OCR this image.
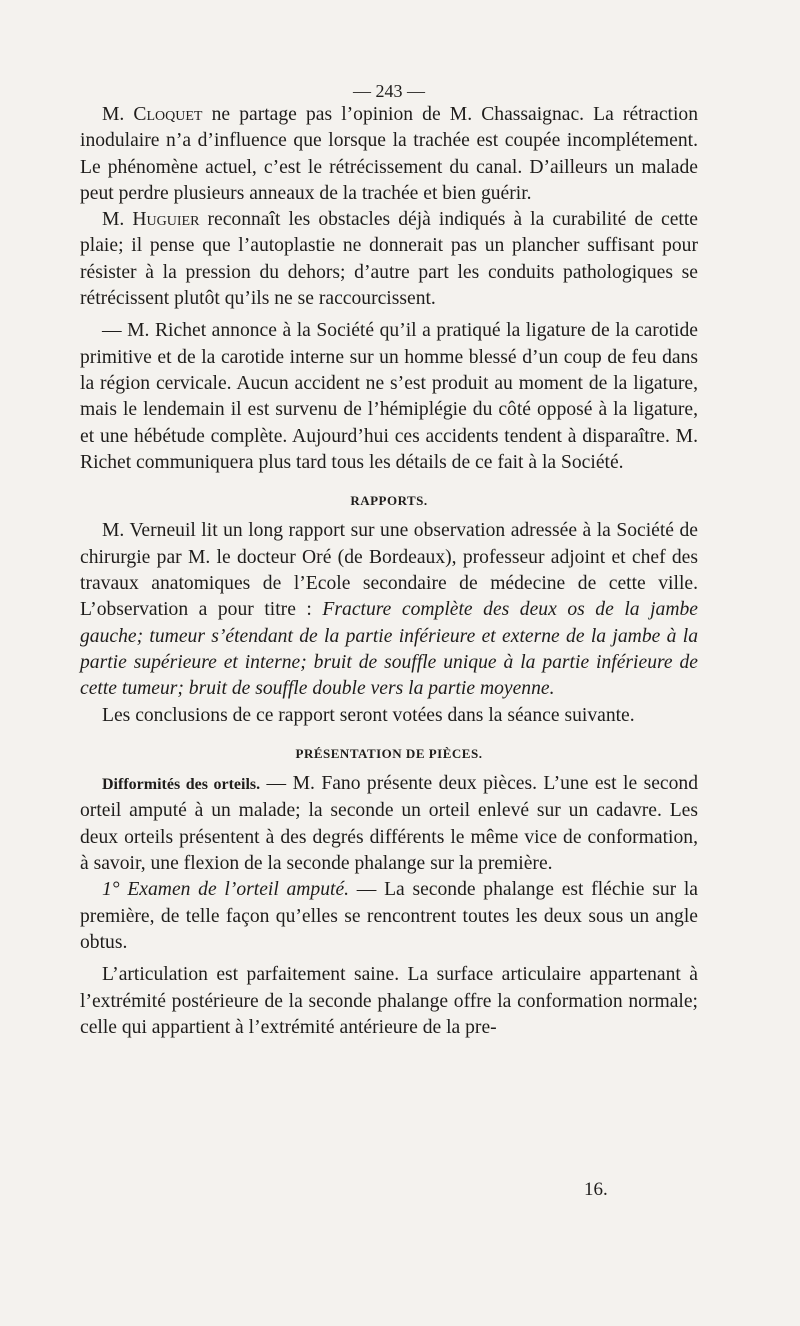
— 243 —

M. Cloquet ne partage pas l’opinion de M. Chassaignac. La rétraction inodulaire n’a d’influence que lorsque la trachée est coupée incomplétement. Le phénomène actuel, c’est le rétrécissement du canal. D’ailleurs un malade peut perdre plusieurs anneaux de la trachée et bien guérir.

M. Huguier reconnaît les obstacles déjà indiqués à la curabilité de cette plaie; il pense que l’autoplastie ne donnerait pas un plancher suffisant pour résister à la pression du dehors; d’autre part les conduits pathologiques se rétrécissent plutôt qu’ils ne se raccourcissent.

— M. Richet annonce à la Société qu’il a pratiqué la ligature de la carotide primitive et de la carotide interne sur un homme blessé d’un coup de feu dans la région cervicale. Aucun accident ne s’est produit au moment de la ligature, mais le lendemain il est survenu de l’hémiplégie du côté opposé à la ligature, et une hébétude complète. Aujourd’hui ces accidents tendent à disparaître. M. Richet communiquera plus tard tous les détails de ce fait à la Société.

RAPPORTS.

M. Verneuil lit un long rapport sur une observation adressée à la Société de chirurgie par M. le docteur Oré (de Bordeaux), professeur adjoint et chef des travaux anatomiques de l’Ecole secondaire de médecine de cette ville. L’observation a pour titre : Fracture complète des deux os de la jambe gauche; tumeur s’étendant de la partie inférieure et externe de la jambe à la partie supérieure et interne; bruit de souffle unique à la partie inférieure de cette tumeur; bruit de souffle double vers la partie moyenne.

Les conclusions de ce rapport seront votées dans la séance suivante.

PRÉSENTATION DE PIÈCES.

Difformités des orteils. — M. Fano présente deux pièces. L’une est le second orteil amputé à un malade; la seconde un orteil enlevé sur un cadavre. Les deux orteils présentent à des degrés différents le même vice de conformation, à savoir, une flexion de la seconde phalange sur la première.

1° Examen de l’orteil amputé. — La seconde phalange est fléchie sur la première, de telle façon qu’elles se rencontrent toutes les deux sous un angle obtus.

L’articulation est parfaitement saine. La surface articulaire appartenant à l’extrémité postérieure de la seconde phalange offre la conformation normale; celle qui appartient à l’extrémité antérieure de la pre-

16.
